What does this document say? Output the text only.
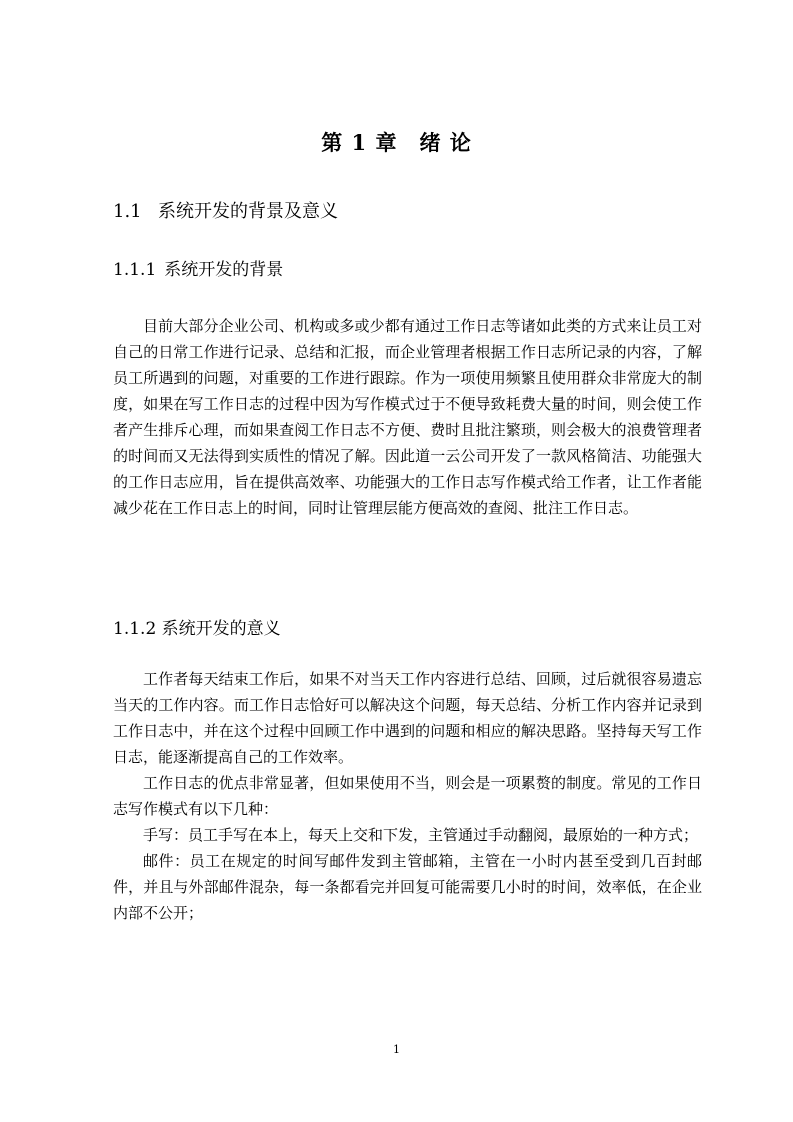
第 1 章 绪 论
1.1 系统开发的背景及意义
1.1.1 系统开发的背景

目前大部分企业公司、机构或多或少都有通过工作日志等诸如此类的方式来让员工对自己的日常工作进行记录、总结和汇报，而企业管理者根据工作日志所记录的内容，了解员工所遇到的问题，对重要的工作进行跟踪。作为一项使用频繁且使用群众非常庞大的制度，如果在写工作日志的过程中因为写作模式过于不便导致耗费大量的时间，则会使工作者产生排斥心理，而如果查阅工作日志不方便、费时且批注繁琐，则会极大的浪费管理者的时间而又无法得到实质性的情况了解。因此道一云公司开发了一款风格简洁、功能强大的工作日志应用，旨在提供高效率、功能强大的工作日志写作模式给工作者，让工作者能减少花在工作日志上的时间，同时让管理层能方便高效的查阅、批注工作日志。

1.1.2 系统开发的意义

工作者每天结束工作后，如果不对当天工作内容进行总结、回顾，过后就很容易遗忘当天的工作内容。而工作日志恰好可以解决这个问题，每天总结、分析工作内容并记录到工作日志中，并在这个过程中回顾工作中遇到的问题和相应的解决思路。坚持每天写工作日志，能逐渐提高自己的工作效率。

工作日志的优点非常显著，但如果使用不当，则会是一项累赘的制度。常见的工作日志写作模式有以下几种：

手写：员工手写在本上，每天上交和下发，主管通过手动翻阅，最原始的一种方式；

邮件：员工在规定的时间写邮件发到主管邮箱，主管在一小时内甚至受到几百封邮件，并且与外部邮件混杂，每一条都看完并回复可能需要几小时的时间，效率低，在企业内部不公开；

1
